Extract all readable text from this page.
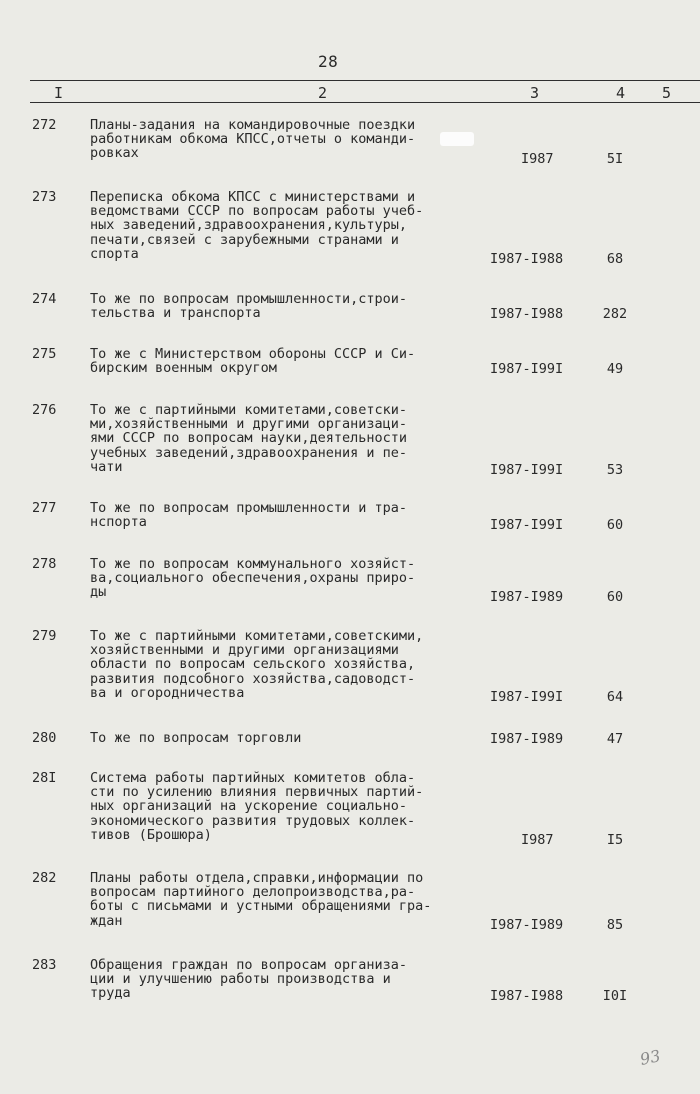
28
I	2	3	4 5
272 Планы-задания на командировочные поездки
работникам обкома КПСС,отчеты о команди-
ровках	I987	5I
273 Переписка обкома КПСС с министерствами и
ведомствами СССР по вопросам работы учеб-
ных заведений,здравоохранения,культуры,
печати,связей с зарубежными странами и
спорта	I987-I988	68
274 То же по вопросам промышленности,строи-
тельства и транспорта	I987-I988	282
275 То же с Министерством обороны СССР и Си-
бирским военным округом	I987-I99I	49
276 То же с партийными комитетами,советски-
ми,хозяйственными и другими организаци-
ями СССР по вопросам науки,деятельности
учебных заведений,здравоохранения и пе-
чати	I987-I99I	53
277 То же по вопросам промышленности и тра-
нспорта	I987-I99I	60
278 То же по вопросам коммунального хозяйст-
ва,социального обеспечения,охраны приро-
ды	I987-I989	60
279 То же с партийными комитетами,советскими,
хозяйственными и другими организациями
области по вопросам сельского хозяйства,
развития подсобного хозяйства,садоводст-
ва и огородничества	I987-I99I	64
280 То же по вопросам торговли	I987-I989	47
28I Система работы партийных комитетов обла-
сти по усилению влияния первичных партий-
ных организаций на ускорение социально-
экономического развития трудовых коллек-
тивов (Брошюра)	I987	I5
282 Планы работы отдела,справки,информации по
вопросам партийного делопроизводства,ра-
боты с письмами и устными обращениями гра-
ждан	I987-I989	85
283 Обращения граждан по вопросам организа-
ции и улучшению работы производства и
труда	I987-I988	I0I
93
